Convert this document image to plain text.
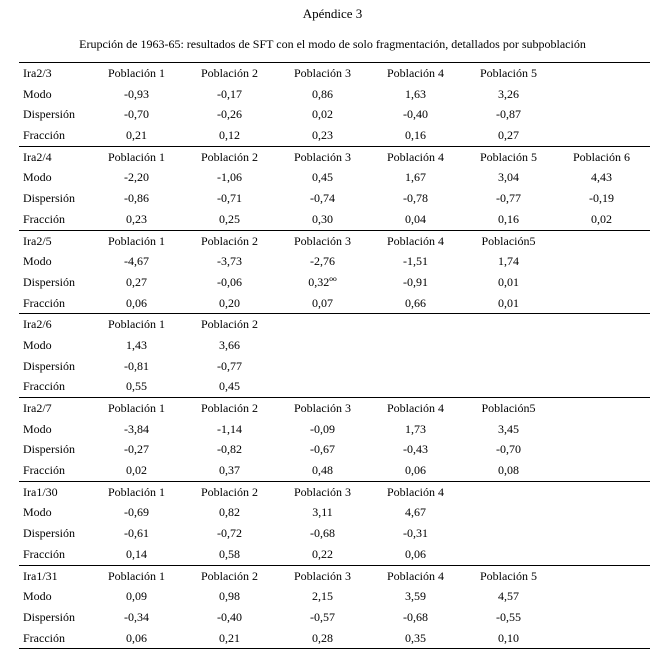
Apéndice 3
Erupción de 1963-65: resultados de SFT con el modo de solo fragmentación, detallados por subpoblación
Ira2/3	Población 1	Población 2	Población 3	Población 4	Población 5
Modo	-0,93	-0,17	0,86	1,63	3,26
Dispersión	-0,70	-0,26	0,02	-0,40	-0,87
Fracción	0,21	0,12	0,23	0,16	0,27
Ira2/4	Población 1	Población 2	Población 3	Población 4	Población 5	Población 6
Modo	-2,20	-1,06	0,45	1,67	3,04	4,43
Dispersión	-0,86	-0,71	-0,74	-0,78	-0,77	-0,19
Fracción	0,23	0,25	0,30	0,04	0,16	0,02
Ira2/5	Población 1	Población 2	Población 3	Población 4	Población5
Modo	-4,67	-3,73	-2,76	-1,51	1,74
Dispersión	0,27	-0,06	0,32ºº	-0,91	0,01
Fracción	0,06	0,20	0,07	0,66	0,01
Ira2/6	Población 1	Población 2
Modo	1,43	3,66
Dispersión	-0,81	-0,77
Fracción	0,55	0,45
Ira2/7	Población 1	Población 2	Población 3	Población 4	Población5
Modo	-3,84	-1,14	-0,09	1,73	3,45
Dispersión	-0,27	-0,82	-0,67	-0,43	-0,70
Fracción	0,02	0,37	0,48	0,06	0,08
Ira1/30	Población 1	Población 2	Población 3	Población 4
Modo	-0,69	0,82	3,11	4,67
Dispersión	-0,61	-0,72	-0,68	-0,31
Fracción	0,14	0,58	0,22	0,06
Ira1/31	Población 1	Población 2	Población 3	Población 4	Población 5
Modo	0,09	0,98	2,15	3,59	4,57
Dispersión	-0,34	-0,40	-0,57	-0,68	-0,55
Fracción	0,06	0,21	0,28	0,35	0,10
